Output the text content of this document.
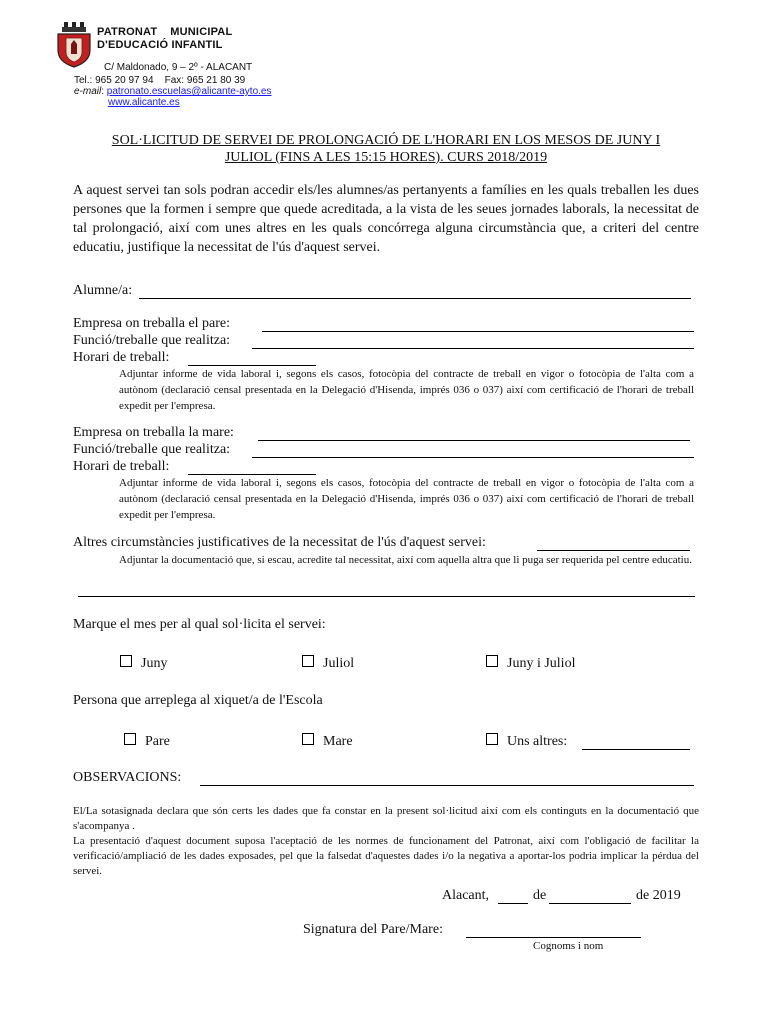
PATRONAT    MUNICIPAL
D'EDUCACIÓ INFANTIL
C/ Maldonado, 9 – 2º - ALACANT
Tel.: 965 20 97 94    Fax: 965 21 80 39
e-mail: patronato.escuelas@alicante-ayto.es
www.alicante.es
SOL·LICITUD DE SERVEI DE PROLONGACIÓ DE L'HORARI EN LOS MESOS DE JUNY I
JULIOL (FINS A LES 15:15 HORES). CURS 2018/2019
A aquest servei tan sols podran accedir els/les alumnes/as pertanyents a famílies en les quals treballen les dues persones que la formen i sempre que quede acreditada, a la vista de les seues jornades laborals, la necessitat de tal prolongació, així com unes altres en les quals concórrega alguna circumstància que, a criteri del centre educatiu, justifique la necessitat de l'ús d'aquest servei.
Alumne/a:
Empresa on treballa el pare:
Funció/treballe que realitza:
Horari de treball:
Adjuntar informe de vida laboral i, segons els casos, fotocòpia del contracte de treball en vigor o fotocòpia de l'alta com a autònom (declaració censal presentada en la Delegació d'Hisenda, imprés 036 o 037) així com certificació de l'horari de treball expedit per l'empresa.
Empresa on treballa la mare:
Funció/treballe que realitza:
Horari de treball:
Adjuntar informe de vida laboral i, segons els casos, fotocòpia del contracte de treball en vigor o fotocòpia de l'alta com a autònom (declaració censal presentada en la Delegació d'Hisenda, imprés 036 o 037) així com certificació de l'horari de treball expedit per l'empresa.
Altres circumstàncies justificatives de la necessitat de l'ús d'aquest servei:
Adjuntar la documentació que, si escau, acredite tal necessitat, així com aquella altra que li puga ser requerida pel centre educatiu.
Marque el mes per al qual sol·licita el servei:
Juny	Juliol	Juny i Juliol
Persona que arreplega al xiquet/a de l'Escola
Pare	Mare	Uns altres:
OBSERVACIONS:

El/La sotasignada declara que són certs les dades que fa constar en la present sol·licitud així com els continguts en la documentació que s'acompanya .

La presentació d'aquest document suposa l'aceptació de les normes de funcionament del Patronat, així com l'obligació de facilitar la verificació/ampliació de les dades exposades, pel que la falsedat d'aquestes dades i/o la negativa a aportar-los podria implicar la pérdua del servei.

Alacant,	de	de 2019
Signatura del Pare/Mare:
Cognoms i nom
